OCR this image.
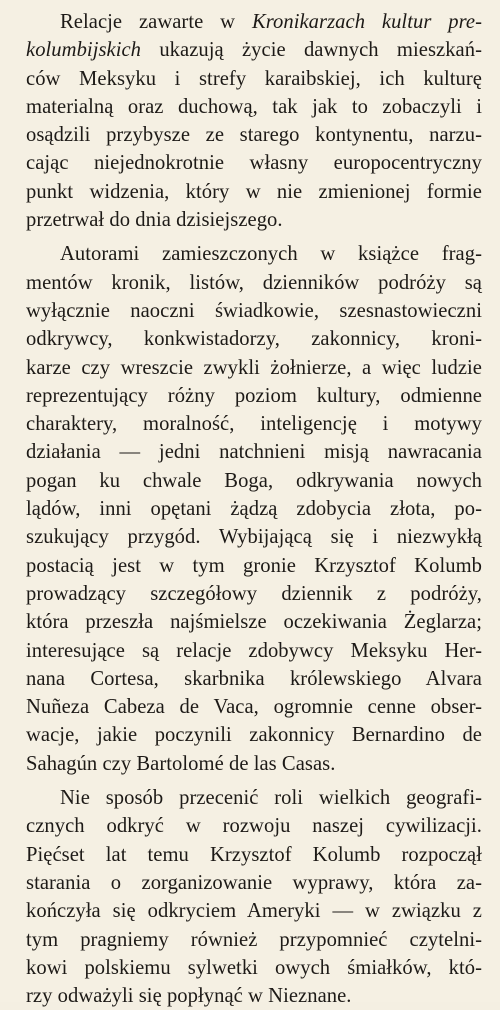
Relacje zawarte w Kronikarzach kultur pre-
kolumbijskich ukazują życie dawnych mieszkań-
ców Meksyku i strefy karaibskiej, ich kulturę
materialną oraz duchową, tak jak to zobaczyli i
osądzili przybysze ze starego kontynentu, narzu-
cając niejednokrotnie własny europocentryczny
punkt widzenia, który w nie zmienionej formie
przetrwał do dnia dzisiejszego.
Autorami zamieszczonych w książce frag-
mentów kronik, listów, dzienników podróży są
wyłącznie naoczni świadkowie, szesnastowieczni
odkrywcy, konkwistadorzy, zakonnicy, kroni-
karze czy wreszcie zwykli żołnierze, a więc ludzie
reprezentujący różny poziom kultury, odmienne
charaktery, moralność, inteligencję i motywy
działania — jedni natchnieni misją nawracania
pogan ku chwale Boga, odkrywania nowych
lądów, inni opętani żądzą zdobycia złota, po-
szukujący przygód. Wybijającą się i niezwykłą
postacią jest w tym gronie Krzysztof Kolumb
prowadzący szczegółowy dziennik z podróży,
która przeszła najśmielsze oczekiwania Żeglarza;
interesujące są relacje zdobywcy Meksyku Her-
nana Cortesa, skarbnika królewskiego Alvara
Nuñeza Cabeza de Vaca, ogromnie cenne obser-
wacje, jakie poczynili zakonnicy Bernardino de
Sahagún czy Bartolomé de las Casas.
Nie sposób przecenić roli wielkich geografi-
cznych odkryć w rozwoju naszej cywilizacji.
Pięćset lat temu Krzysztof Kolumb rozpoczął
starania o zorganizowanie wyprawy, która za-
kończyła się odkryciem Ameryki — w związku z
tym pragniemy również przypomnieć czytelni-
kowi polskiemu sylwetki owych śmiałków, któ-
rzy odważyli się popłynąć w Nieznane.
